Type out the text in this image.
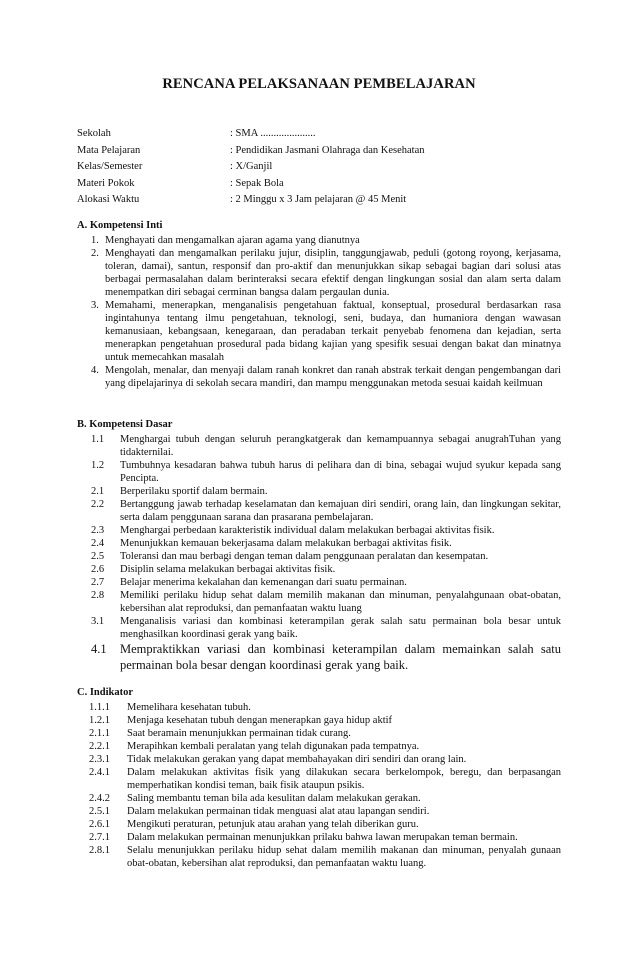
RENCANA PELAKSANAAN PEMBELAJARAN
Sekolah	: SMA .....................
Mata Pelajaran	: Pendidikan Jasmani Olahraga dan Kesehatan
Kelas/Semester	: X/Ganjil
Materi Pokok	: Sepak Bola
Alokasi Waktu	: 2 Minggu x 3 Jam pelajaran @ 45 Menit
A. Kompetensi Inti
1. Menghayati dan mengamalkan ajaran agama yang dianutnya
2. Menghayati dan mengamalkan perilaku jujur, disiplin, tanggungjawab, peduli (gotong royong, kerjasama, toleran, damai), santun, responsif dan pro-aktif dan menunjukkan sikap sebagai bagian dari solusi atas berbagai permasalahan dalam berinteraksi secara efektif dengan lingkungan sosial dan alam serta dalam menempatkan diri sebagai cerminan bangsa dalam pergaulan dunia.
3. Memahami, menerapkan, menganalisis pengetahuan faktual, konseptual, prosedural berdasarkan rasa ingintahunya tentang ilmu pengetahuan, teknologi, seni, budaya, dan humaniora dengan wawasan kemanusiaan, kebangsaan, kenegaraan, dan peradaban terkait penyebab fenomena dan kejadian, serta menerapkan pengetahuan prosedural pada bidang kajian yang spesifik sesuai dengan bakat dan minatnya untuk memecahkan masalah
4. Mengolah, menalar, dan menyaji dalam ranah konkret dan ranah abstrak terkait dengan pengembangan dari yang dipelajarinya di sekolah secara mandiri, dan mampu menggunakan metoda sesuai kaidah keilmuan
B. Kompetensi Dasar
1.1 Menghargai tubuh dengan seluruh perangkatgerak dan kemampuannya sebagai anugrahTuhan yang tidakternilai.
1.2 Tumbuhnya kesadaran bahwa tubuh harus di pelihara dan di bina, sebagai wujud syukur kepada sang Pencipta.
2.1 Berperilaku sportif dalam bermain.
2.2 Bertanggung jawab terhadap keselamatan dan kemajuan diri sendiri, orang lain, dan lingkungan sekitar, serta dalam penggunaan sarana dan prasarana pembelajaran.
2.3 Menghargai perbedaan karakteristik individual dalam melakukan berbagai aktivitas fisik.
2.4 Menunjukkan kemauan bekerjasama dalam melakukan berbagai aktivitas fisik.
2.5 Toleransi dan mau berbagi dengan teman dalam penggunaan peralatan dan kesempatan.
2.6 Disiplin selama melakukan berbagai aktivitas fisik.
2.7 Belajar menerima kekalahan dan kemenangan dari suatu permainan.
2.8 Memiliki perilaku hidup sehat dalam memilih makanan dan minuman, penyalahgunaan obat-obatan, kebersihan alat reproduksi, dan pemanfaatan waktu luang
3.1 Menganalisis variasi dan kombinasi keterampilan gerak salah satu permainan bola besar untuk menghasilkan koordinasi gerak yang baik.
4.1 Mempraktikkan variasi dan kombinasi keterampilan dalam memainkan salah satu permainan bola besar dengan koordinasi gerak yang baik.
C. Indikator
1.1.1 Memelihara kesehatan tubuh.
1.2.1 Menjaga kesehatan tubuh dengan menerapkan gaya hidup aktif
2.1.1 Saat beramain menunjukkan permainan tidak curang.
2.2.1 Merapihkan kembali peralatan yang telah digunakan pada tempatnya.
2.3.1 Tidak melakukan gerakan yang dapat membahayakan diri sendiri dan orang lain.
2.4.1 Dalam melakukan aktivitas fisik yang dilakukan secara berkelompok, beregu, dan berpasangan memperhatikan kondisi teman, baik fisik ataupun psikis.
2.4.2 Saling membantu teman bila ada kesulitan dalam melakukan gerakan.
2.5.1 Dalam melakukan permainan tidak menguasi alat atau lapangan sendiri.
2.6.1 Mengikuti peraturan, petunjuk atau arahan yang telah diberikan guru.
2.7.1 Dalam melakukan permainan menunjukkan prilaku bahwa lawan merupakan teman bermain.
2.8.1 Selalu menunjukkan perilaku hidup sehat dalam memilih makanan dan minuman, penyalah gunaan obat-obatan, kebersihan alat reproduksi, dan pemanfaatan waktu luang.
